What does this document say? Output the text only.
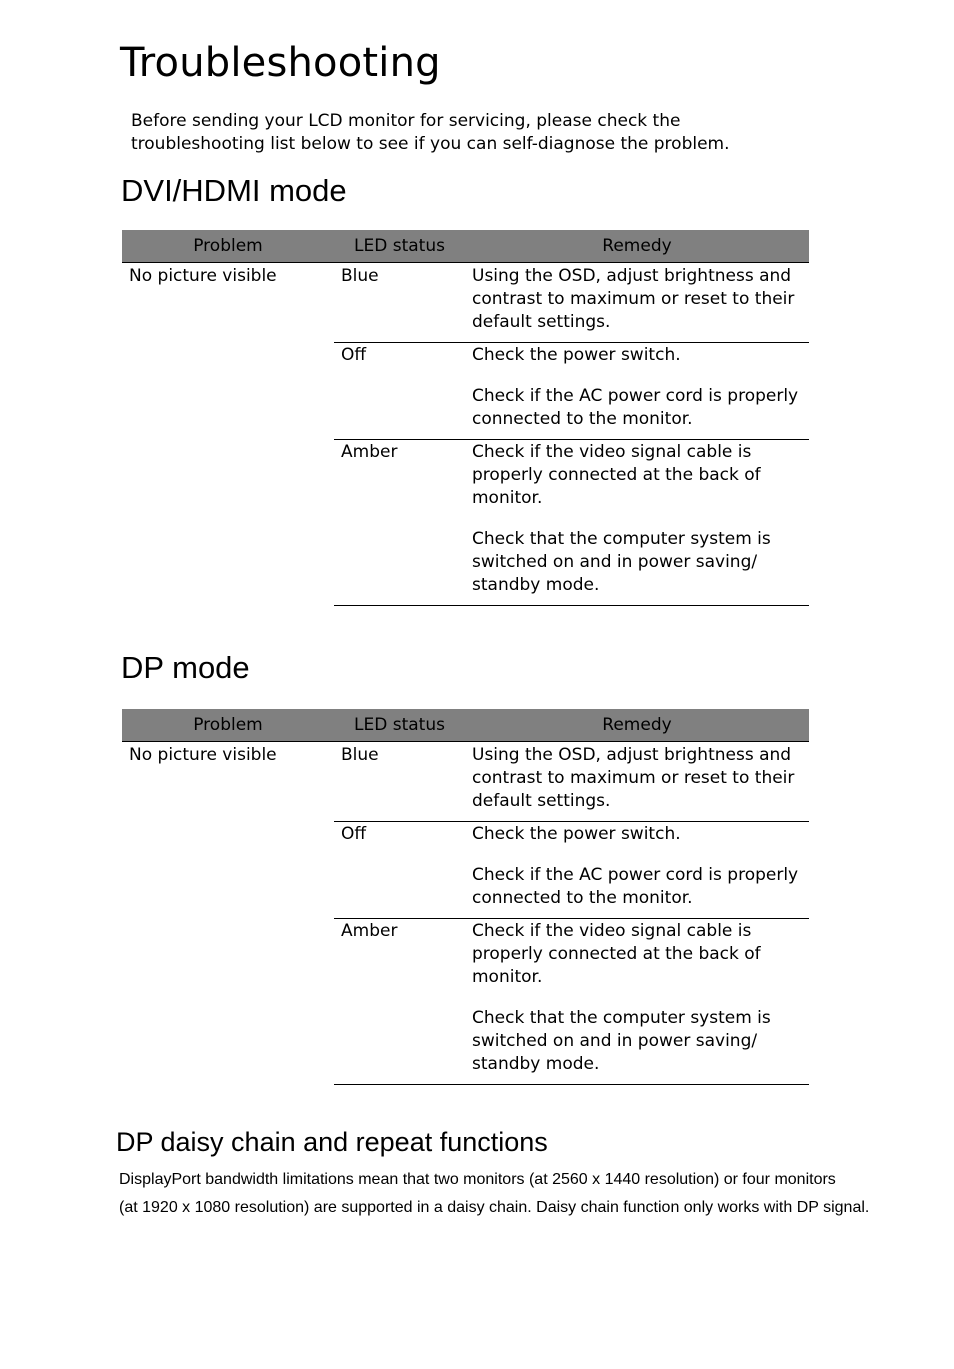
Troubleshooting

Before sending your LCD monitor for servicing, please check the
troubleshooting list below to see if you can self-diagnose the problem.

DVI/HDMI mode
Problem	LED status	Remedy
No picture visible	Blue	Using the OSD, adjust brightness and contrast to maximum or reset to their default settings.

	Off	Check the power switch.

Check if the AC power cord is properly connected to the monitor.

	Amber	Check if the video signal cable is properly connected at the back of monitor.

Check that the computer system is switched on and in power saving/ standby mode.

DP mode
Problem	LED status	Remedy
No picture visible	Blue	Using the OSD, adjust brightness and contrast to maximum or reset to their default settings.

	Off	Check the power switch.

Check if the AC power cord is properly connected to the monitor.

	Amber	Check if the video signal cable is properly connected at the back of monitor.

Check that the computer system is switched on and in power saving/ standby mode.

DP daisy chain and repeat functions

DisplayPort bandwidth limitations mean that two monitors (at 2560 x 1440 resolution) or four monitors
(at 1920 x 1080 resolution) are supported in a daisy chain. Daisy chain function only works with DP signal.
